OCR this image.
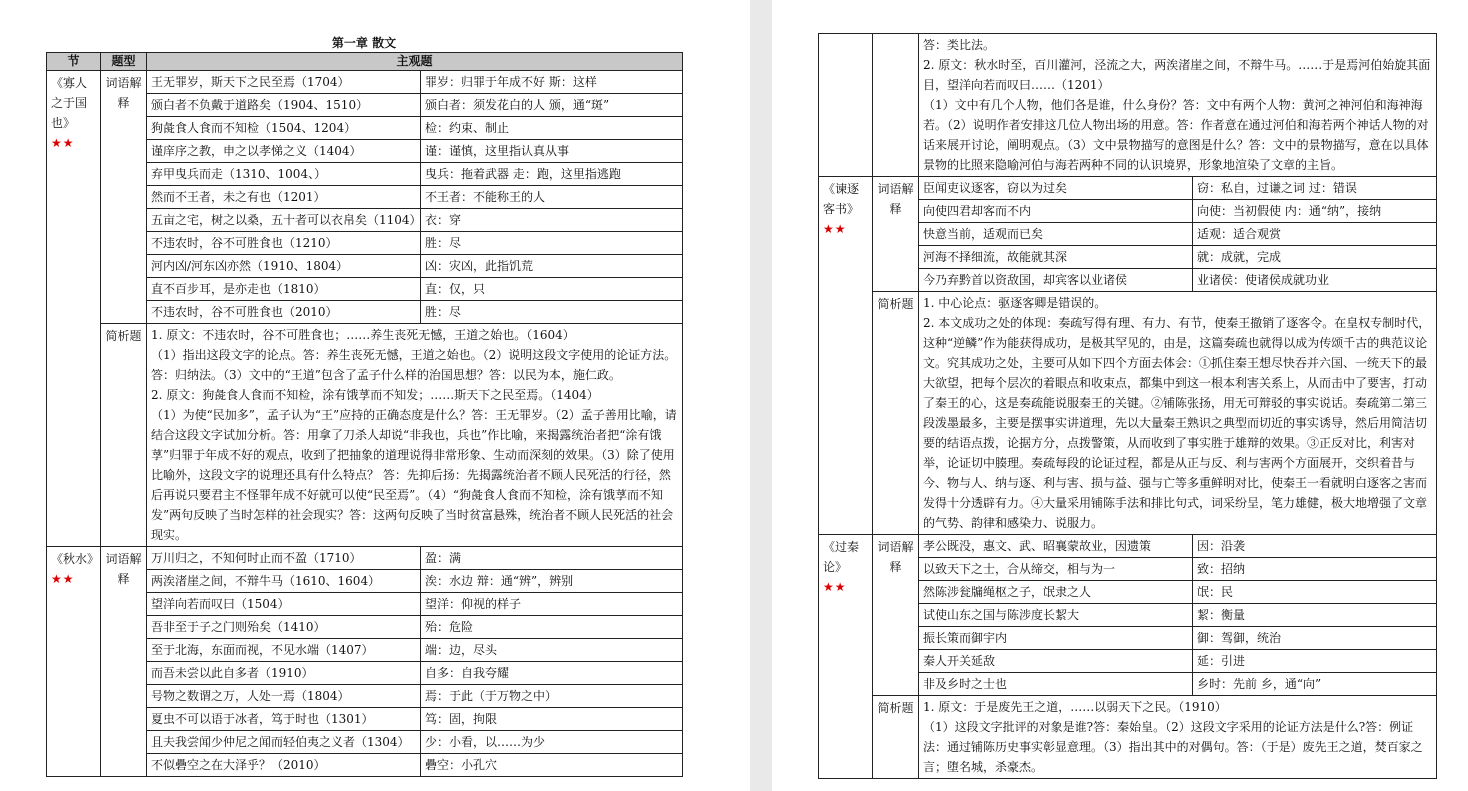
第一章 散文
节	题型	主观题	
《寡人之于国也》★★	词语解释	王无罪岁，斯天下之民至焉（1704）	罪岁：归罪于年成不好 斯：这样
		颁白者不负戴于道路矣（1904、1510）	颁白者：须发花白的人 颁，通“斑”
		狗彘食人食而不知检（1504、1204）	检：约束、制止
		谨庠序之教，申之以孝悌之义（1404）	谨：谨慎，这里指认真从事
		弃甲曳兵而走（1310、1004、）	曳兵：拖着武器 走：跑，这里指逃跑
		然而不王者，未之有也（1201）	不王者：不能称王的人
		五亩之宅，树之以桑，五十者可以衣帛矣（1104）	衣：穿
		不违农时，谷不可胜食也（1210）	胜：尽
		河内凶/河东凶亦然（1910、1804）	凶：灾凶，此指饥荒
		直不百步耳，是亦走也（1810）	直：仅，只
		不违农时，谷不可胜食也（2010）	胜：尽
	简析题	1. 原文：不违农时，谷不可胜食也；……养生丧死无憾，王道之始也。（1604）
（1）指出这段文字的论点。答：养生丧死无憾，王道之始也。（2）说明这段文字使用的论证方法。答：归纳法。（3）文中的“王道”包含了孟子什么样的治国思想？答：以民为本，施仁政。
2. 原文：狗彘食人食而不知检，涂有饿莩而不知发；……斯天下之民至焉。（1404）
（1）为使“民加多”，孟子认为“王”应持的正确态度是什么？答：王无罪岁。（2）孟子善用比喻，请结合这段文字试加分析。答：用拿了刀杀人却说“非我也，兵也”作比喻，来揭露统治者把“涂有饿莩”归罪于年成不好的观点，收到了把抽象的道理说得非常形象、生动而深刻的效果。（3）除了使用比喻外，这段文字的说理还具有什么特点？ 答：先抑后扬：先揭露统治者不顾人民死活的行径，然后再说只要君主不怪罪年成不好就可以使“民至焉”。（4）“狗彘食人食而不知检，涂有饿莩而不知发”两句反映了当时怎样的社会现实？答：这两句反映了当时贫富悬殊，统治者不顾人民死活的社会现实。	

《秋水》★★	词语解释	万川归之，不知何时止而不盈（1710）	盈：满
		两涘渚崖之间，不辩牛马（1610、1604）	涘：水边 辩：通“辨”，辨别
		望洋向若而叹曰（1504）	望洋：仰视的样子
		吾非至于子之门则殆矣（1410）	殆：危险
		至于北海，东面而视，不见水端（1407）	端：边，尽头
		而吾未尝以此自多者（1910）	自多：自我夸耀
		号物之数谓之万，人处一焉（1804）	焉：于此（于万物之中）
		夏虫不可以语于冰者，笃于时也（1301）	笃：固，拘限
		且夫我尝闻少仲尼之闻而轻伯夷之义者（1304）	少：小看，以……为少
		不似礨空之在大泽乎？（2010）	礨空：小孔穴

		答：类比法。
2. 原文：秋水时至，百川灌河，泾流之大，两涘渚崖之间，不辩牛马。……于是焉河伯始旋其面目，望洋向若而叹曰……（1201）
（1）文中有几个人物，他们各是谁，什么身份？答：文中有两个人物：黄河之神河伯和海神海若。（2）说明作者安排这几位人物出场的用意。答：作者意在通过河伯和海若两个神话人物的对话来展开讨论，阐明观点。（3）文中景物描写的意图是什么？答：文中的景物描写，意在以具体景物的比照来隐喻河伯与海若两种不同的认识境界，形象地渲染了文章的主旨。	

《谏逐客书》★★	词语解释	臣闻吏议逐客，窃以为过矣	窃：私自，过谦之词 过：错误
		向使四君却客而不内	向使：当初假使 内：通“纳”，接纳
		快意当前，适观而已矣	适观：适合观赏
		河海不择细流，故能就其深	就：成就，完成
		今乃弃黔首以资敌国，却宾客以业诸侯	业诸侯：使诸侯成就功业
	简析题	1. 中心论点：驱逐客卿是错误的。
2. 本文成功之处的体现：奏疏写得有理、有力、有节，使秦王撤销了逐客令。在皇权专制时代，这种“逆鳞”作为能获得成功，是极其罕见的，由是，这篇奏疏也就得以成为传颂千古的典范议论文。究其成功之处，主要可从如下四个方面去体会：①抓住秦王想尽快吞并六国、一统天下的最大欲望，把每个层次的着眼点和收束点，都集中到这一根本利害关系上，从而击中了要害，打动了秦王的心，这是奏疏能说服秦王的关键。②铺陈张扬，用无可辩驳的事实说话。奏疏第二第三段泼墨最多，主要是摆事实讲道理，先以大量秦王熟识之典型而切近的事实诱导，然后用简洁切要的结语点拨，论据方分，点拨警策，从而收到了事实胜于雄辩的效果。③正反对比，利害对举，论证切中腠理。奏疏每段的论证过程，都是从正与反、利与害两个方面展开，交织着昔与今、物与人、纳与逐、利与害、损与益、强与亡等多重鲜明对比，使秦王一看就明白逐客之害而发得十分透辟有力。④大量采用铺陈手法和排比句式，词采纷呈，笔力雄健，极大地增强了文章的气势、韵律和感染力、说服力。	

《过秦论》★★	词语解释	孝公既没，惠文、武、昭襄蒙故业，因遗策	因：沿袭
		以致天下之士，合从缔交，相与为一	致：招纳
		然陈涉瓮牖绳枢之子，氓隶之人	氓：民
		试使山东之国与陈涉度长絜大	絜：衡量
		振长策而御宇内	御：驾御，统治
		秦人开关延敌	延：引进
		非及乡时之士也	乡时：先前 乡，通“向”
	简析题	1. 原文：于是废先王之道，……以弱天下之民。（1910）
（1）这段文字批评的对象是谁?答：秦始皇。（2）这段文字采用的论证方法是什么?答：例证法：通过铺陈历史事实彰显意理。（3）指出其中的对偶句。答：（于是）废先王之道，焚百家之言；堕名城，杀豪杰。	
